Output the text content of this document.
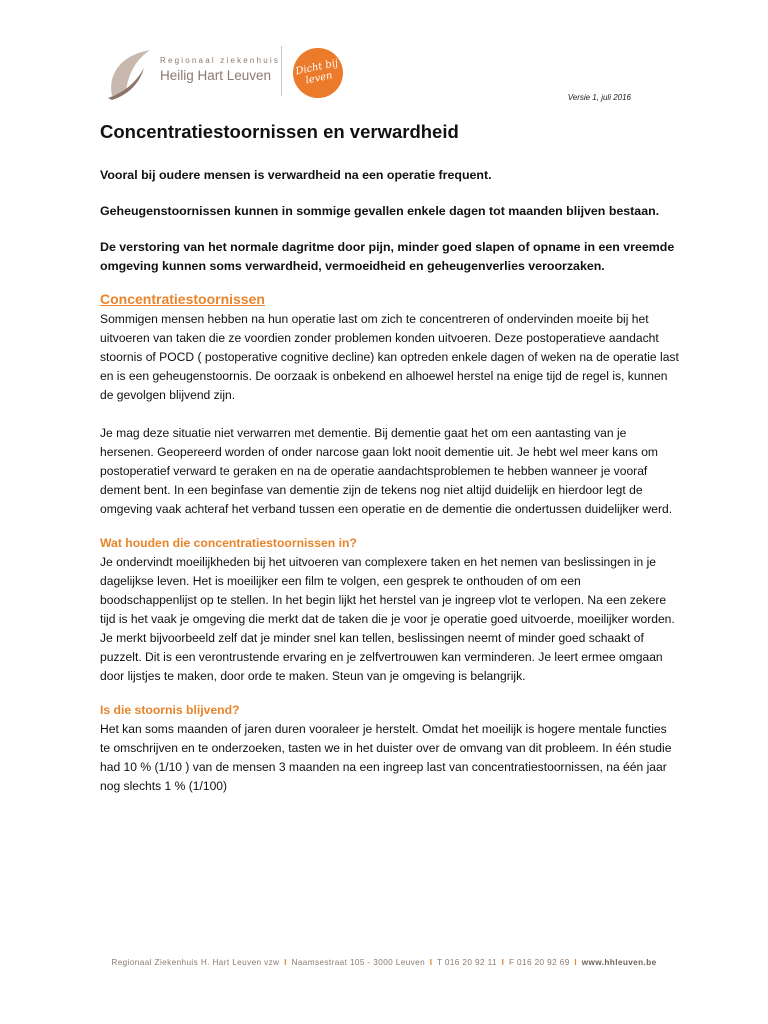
Regionaal ziekenhuis
Heilig Hart Leuven	Dicht bij leven
Versie 1, juli 2016
Concentratiestoornissen en verwardheid

Vooral bij oudere mensen is verwardheid na een operatie frequent.

Geheugenstoornissen kunnen in sommige gevallen enkele dagen tot maanden blijven bestaan.

De verstoring van het normale dagritme door pijn, minder goed slapen of opname in een vreemde omgeving kunnen soms verwardheid, vermoeidheid en geheugenverlies veroorzaken.

Concentratiestoornissen

Sommigen mensen hebben na hun operatie last om zich te concentreren of ondervinden moeite bij het uitvoeren van taken die ze voordien zonder problemen konden uitvoeren. Deze postoperatieve aandacht stoornis of POCD ( postoperative cognitive decline) kan optreden enkele dagen of weken na de operatie last en is een geheugenstoornis. De oorzaak is onbekend en alhoewel herstel na enige tijd de regel is, kunnen de gevolgen blijvend zijn.

Je mag deze situatie niet verwarren met dementie. Bij dementie gaat het om een aantasting van je hersenen. Geopereerd worden of onder narcose gaan lokt nooit dementie uit. Je hebt wel meer kans om postoperatief verward te geraken en na de operatie aandachtsproblemen te hebben wanneer je vooraf dement bent. In een beginfase van dementie zijn de tekens nog niet altijd duidelijk en hierdoor legt de omgeving vaak achteraf het verband tussen een operatie en de dementie die ondertussen duidelijker werd.

Wat houden die concentratiestoornissen in?

Je ondervindt moeilijkheden bij het uitvoeren van complexere taken en het nemen van beslissingen in je dagelijkse leven. Het is moeilijker een film te volgen, een gesprek te onthouden of om een boodschappenlijst op te stellen. In het begin lijkt het herstel van je ingreep vlot te verlopen. Na een zekere tijd is het vaak je omgeving die merkt dat de taken die je voor je operatie goed uitvoerde, moeilijker worden. Je merkt bijvoorbeeld zelf dat je minder snel kan tellen, beslissingen neemt of minder goed schaakt of puzzelt. Dit is een verontrustende ervaring en je zelfvertrouwen kan verminderen. Je leert ermee omgaan door lijstjes te maken, door orde te maken. Steun van je omgeving is belangrijk.

Is die stoornis blijvend?

Het kan soms maanden of jaren duren vooraleer je herstelt. Omdat het moeilijk is hogere mentale functies te omschrijven en te onderzoeken, tasten we in het duister over de omvang van dit probleem. In één studie had 10 % (1/10 ) van de mensen 3 maanden na een ingreep last van concentratiestoornissen, na één jaar nog slechts 1 % (1/100)

Regionaal Ziekenhuis H. Hart Leuven vzw I Naamsestraat 105 - 3000 Leuven I T 016 20 92 11 I F 016 20 92 69 I www.hhleuven.be
